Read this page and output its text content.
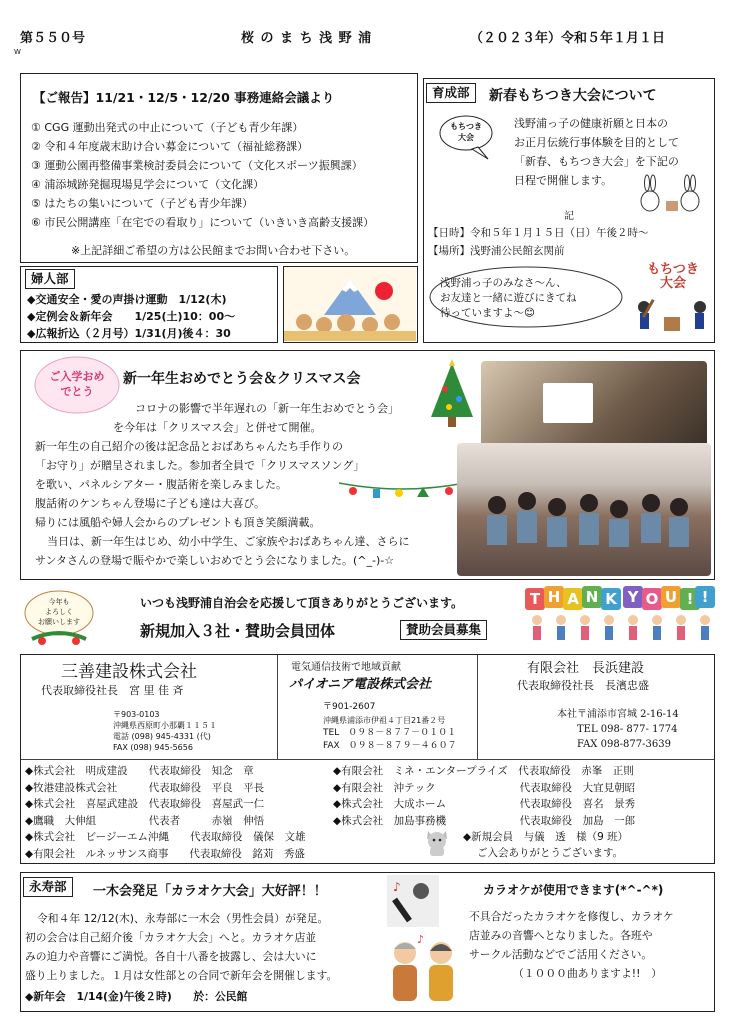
第５５０号	桜 の ま ち 浅 野 浦	（２０２３年）令和５年１月１日
W
【ご報告】11/21・12/5・12/20 事務連絡会議より
① CGG 運動出発式の中止について（子ども青少年課）
② 令和４年度歳末助け合い募金について（福祉総務課）
③ 運動公園再整備事業検討委員会について（文化スポーツ振興課）
④ 浦添城跡発掘現場見学会について（文化課）
⑤ はたちの集いについて（子ども青少年課）
⑥ 市民公開講座「在宅での看取り」について（いきいき高齢支援課）
※上記詳細ご希望の方は公民館までお問い合わせ下さい。
婦人部
◆交通安全・愛の声掛け運動　1/12(木)
◆定例会＆新年会　　1/25(土)10：00～
◆広報折込（２月号）1/31(月)後４：30
育成部	新春もちつき大会について
もちつき大会
浅野浦っ子の健康祈願と日本の
お正月伝統行事体験を目的として
「新春、もちつき大会」を下記の
日程で開催します。
記
【日時】令和５年１月１５日（日）午後２時～
【場所】浅野浦公民館玄関前
浅野浦っ子のみなさ～ん、
お友達と一緒に遊びにきてね
待っていますよ～😊
もちつき大会
ご入学おめでとう
新一年生おめでとう会＆クリスマス会
コロナの影響で半年遅れの「新一年生おめでとう会」
を今年は「クリスマス会」と併せて開催。
新一年生の自己紹介の後は記念品とおばあちゃんたち手作りの
「お守り」が贈呈されました。参加者全員で「クリスマスソング」
を歌い、パネルシアター・腹話術を楽しみました。
腹話術のケンちゃん登場に子ども達は大喜び。
帰りには風船や婦人会からのプレゼントも頂き笑顔満載。
当日は、新一年生はじめ、幼小中学生、ご家族やおばあちゃん達、さらに
サンタさんの登場で賑やかで楽しいおめでとう会になりました。(^_-)-☆
今年も
よろしく
お願いします
いつも浅野浦自治会を応援して頂きありがとうございます。
新規加入３社・賛助会員団体	賛助会員募集
T H A N K Y O U ! !
三善建設株式会社
代表取締役社長　宮 里 佳 斉
〒903-0103
沖縄県西原町小那覇１１５１
電話 (098) 945-4331 (代)
FAX (098) 945-5656
電気通信技術で地域貢献
パイオニア電設株式会社
〒901-2607
沖縄県浦添市伊祖４丁目21番２号
TEL　０９８－８７７－０１０１
FAX　０９８－８７９－４６０７
有限会社　長浜建設
代表取締役社長　長濱忠盛
本社〒浦添市宮城 2-16-14
TEL 098- 877- 1774
FAX 098-877-3639
◆株式会社　明成建設　　代表取締役　知念　章
◆牧港建設株式会社　　　代表取締役　平良　平長
◆株式会社　喜屋武建設　代表取締役　喜屋武一仁
◆鷹職　大伸組　　　　　代表者　　　赤嶺　伸悟
◆株式会社　ビージーエム沖縄　　代表取締役　儀保　文雄
◆有限会社　ルネッサンス商事　　代表取締役　銘苅　秀盛
◆有限会社　ミネ・エンタープライズ　代表取締役　赤峯　正則
◆有限会社　沖テック　　　　　　　　代表取締役　大宜見朝昭
◆株式会社　大成ホーム　　　　　　　代表取締役　喜名　景秀
◆株式会社　加島事務機　　　　　　　代表取締役　加島　一郎
◆新規会員　与儀　透　様（9 班）
ご入会ありがとうございます。
永寿部	一木会発足「カラオケ大会」大好評！！
令和４年 12/12(木)、永寿部に一木会（男性会員）が発足。
初の会合は自己紹介後「カラオケ大会」へと。カラオケ店並
みの迫力や音響にご満悦。各自十八番を披露し、会は大いに
盛り上りました。１月は女性部との合同で新年会を開催します。
◆新年会　1/14(金)午後２時)　　於：公民館
♪
♪
カラオケが使用できます(*^-^*)
不具合だったカラオケを修復し、カラオケ
店並みの音響へとなりました。各班や
サークル活動などでご活用ください。
（１０００曲ありますよ!!　）
